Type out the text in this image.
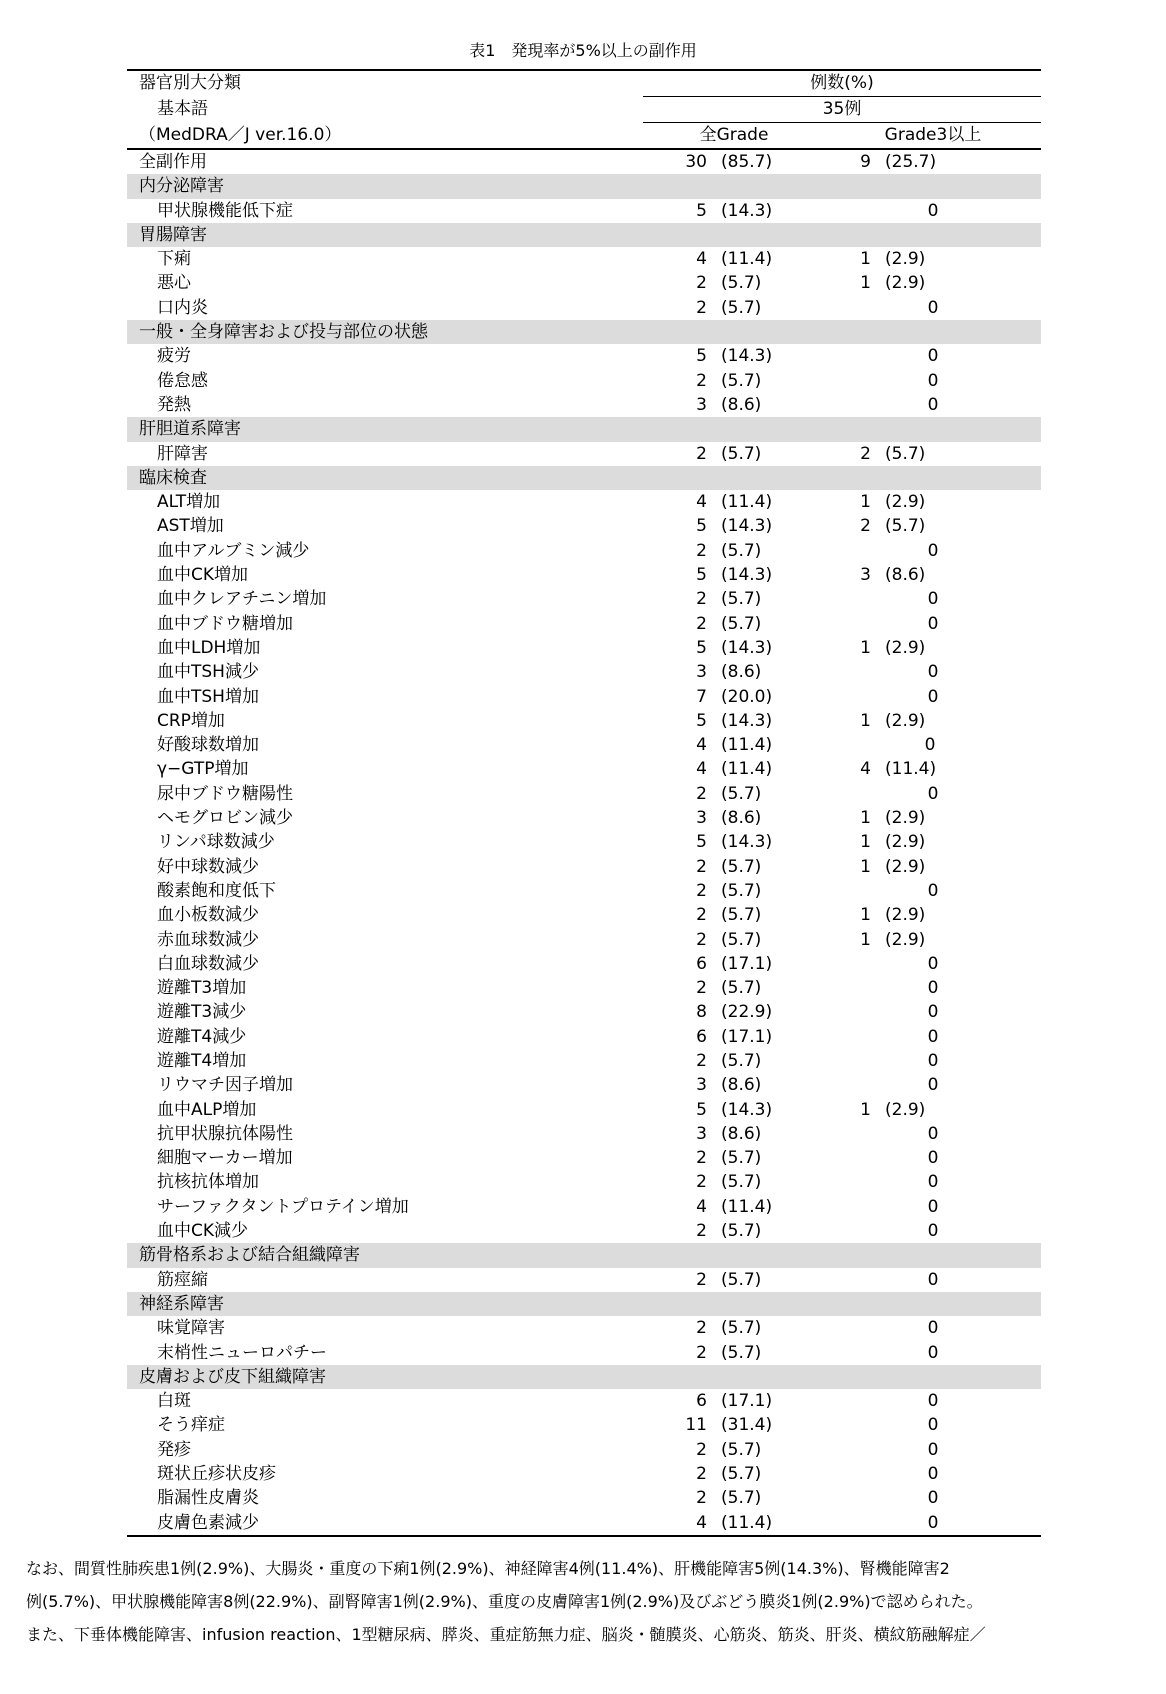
表1　発現率が5%以上の副作用
器官別大分類	例数(%)	
基本語	35例	
（MedDRA／J ver.16.0）	全Grade	Grade3以上
全副作用	30 (85.7)	9 (25.7)
内分泌障害		
甲状腺機能低下症	5 (14.3)	0
胃腸障害		
下痢	4 (11.4)	1 (2.9)
悪心	2 (5.7)	1 (2.9)
口内炎	2 (5.7)	0
一般・全身障害および投与部位の状態		
疲労	5 (14.3)	0
倦怠感	2 (5.7)	0
発熱	3 (8.6)	0
肝胆道系障害		
肝障害	2 (5.7)	2 (5.7)
臨床検査		
ALT増加	4 (11.4)	1 (2.9)
AST増加	5 (14.3)	2 (5.7)
血中アルブミン減少	2 (5.7)	0
血中CK増加	5 (14.3)	3 (8.6)
血中クレアチニン増加	2 (5.7)	0
血中ブドウ糖増加	2 (5.7)	0
血中LDH増加	5 (14.3)	1 (2.9)
血中TSH減少	3 (8.6)	0
血中TSH増加	7 (20.0)	0
CRP増加	5 (14.3)	1 (2.9)
好酸球数増加	4 (11.4)	0
γ−GTP増加	4 (11.4)	4 (11.4)
尿中ブドウ糖陽性	2 (5.7)	0
ヘモグロビン減少	3 (8.6)	1 (2.9)
リンパ球数減少	5 (14.3)	1 (2.9)
好中球数減少	2 (5.7)	1 (2.9)
酸素飽和度低下	2 (5.7)	0
血小板数減少	2 (5.7)	1 (2.9)
赤血球数減少	2 (5.7)	1 (2.9)
白血球数減少	6 (17.1)	0
遊離T3増加	2 (5.7)	0
遊離T3減少	8 (22.9)	0
遊離T4減少	6 (17.1)	0
遊離T4増加	2 (5.7)	0
リウマチ因子増加	3 (8.6)	0
血中ALP増加	5 (14.3)	1 (2.9)
抗甲状腺抗体陽性	3 (8.6)	0
細胞マーカー増加	2 (5.7)	0
抗核抗体増加	2 (5.7)	0
サーファクタントプロテイン増加	4 (11.4)	0
血中CK減少	2 (5.7)	0
筋骨格系および結合組織障害		
筋痙縮	2 (5.7)	0
神経系障害		
味覚障害	2 (5.7)	0
末梢性ニューロパチー	2 (5.7)	0
皮膚および皮下組織障害		
白斑	6 (17.1)	0
そう痒症	11 (31.4)	0
発疹	2 (5.7)	0
斑状丘疹状皮疹	2 (5.7)	0
脂漏性皮膚炎	2 (5.7)	0
皮膚色素減少	4 (11.4)	0

なお、間質性肺疾患1例(2.9%)、大腸炎・重度の下痢1例(2.9%)、神経障害4例(11.4%)、肝機能障害5例(14.3%)、腎機能障害2

例(5.7%)、甲状腺機能障害8例(22.9%)、副腎障害1例(2.9%)、重度の皮膚障害1例(2.9%)及びぶどう膜炎1例(2.9%)で認められた。

また、下垂体機能障害、infusion reaction、1型糖尿病、膵炎、重症筋無力症、脳炎・髄膜炎、心筋炎、筋炎、肝炎、横紋筋融解症／
